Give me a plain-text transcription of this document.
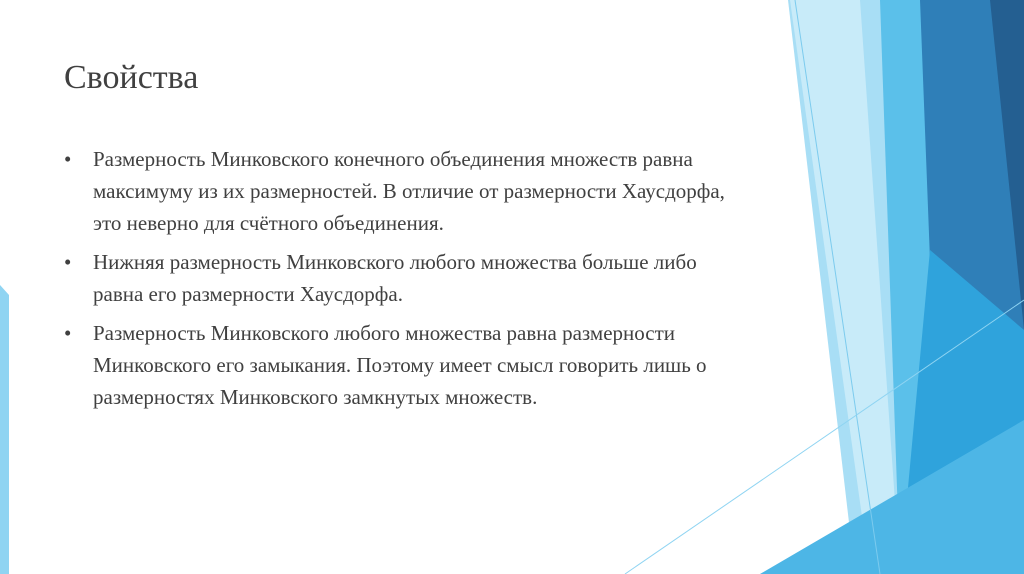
Свойства
• Размерность Минковского конечного объединения множеств равна максимуму из их размерностей. В отличие от размерности Хаусдорфа, это неверно для счётного объединения.
• Нижняя размерность Минковского любого множества больше либо равна его размерности Хаусдорфа.
• Размерность Минковского любого множества равна размерности Минковского его замыкания. Поэтому имеет смысл говорить лишь о размерностях Минковского замкнутых множеств.
